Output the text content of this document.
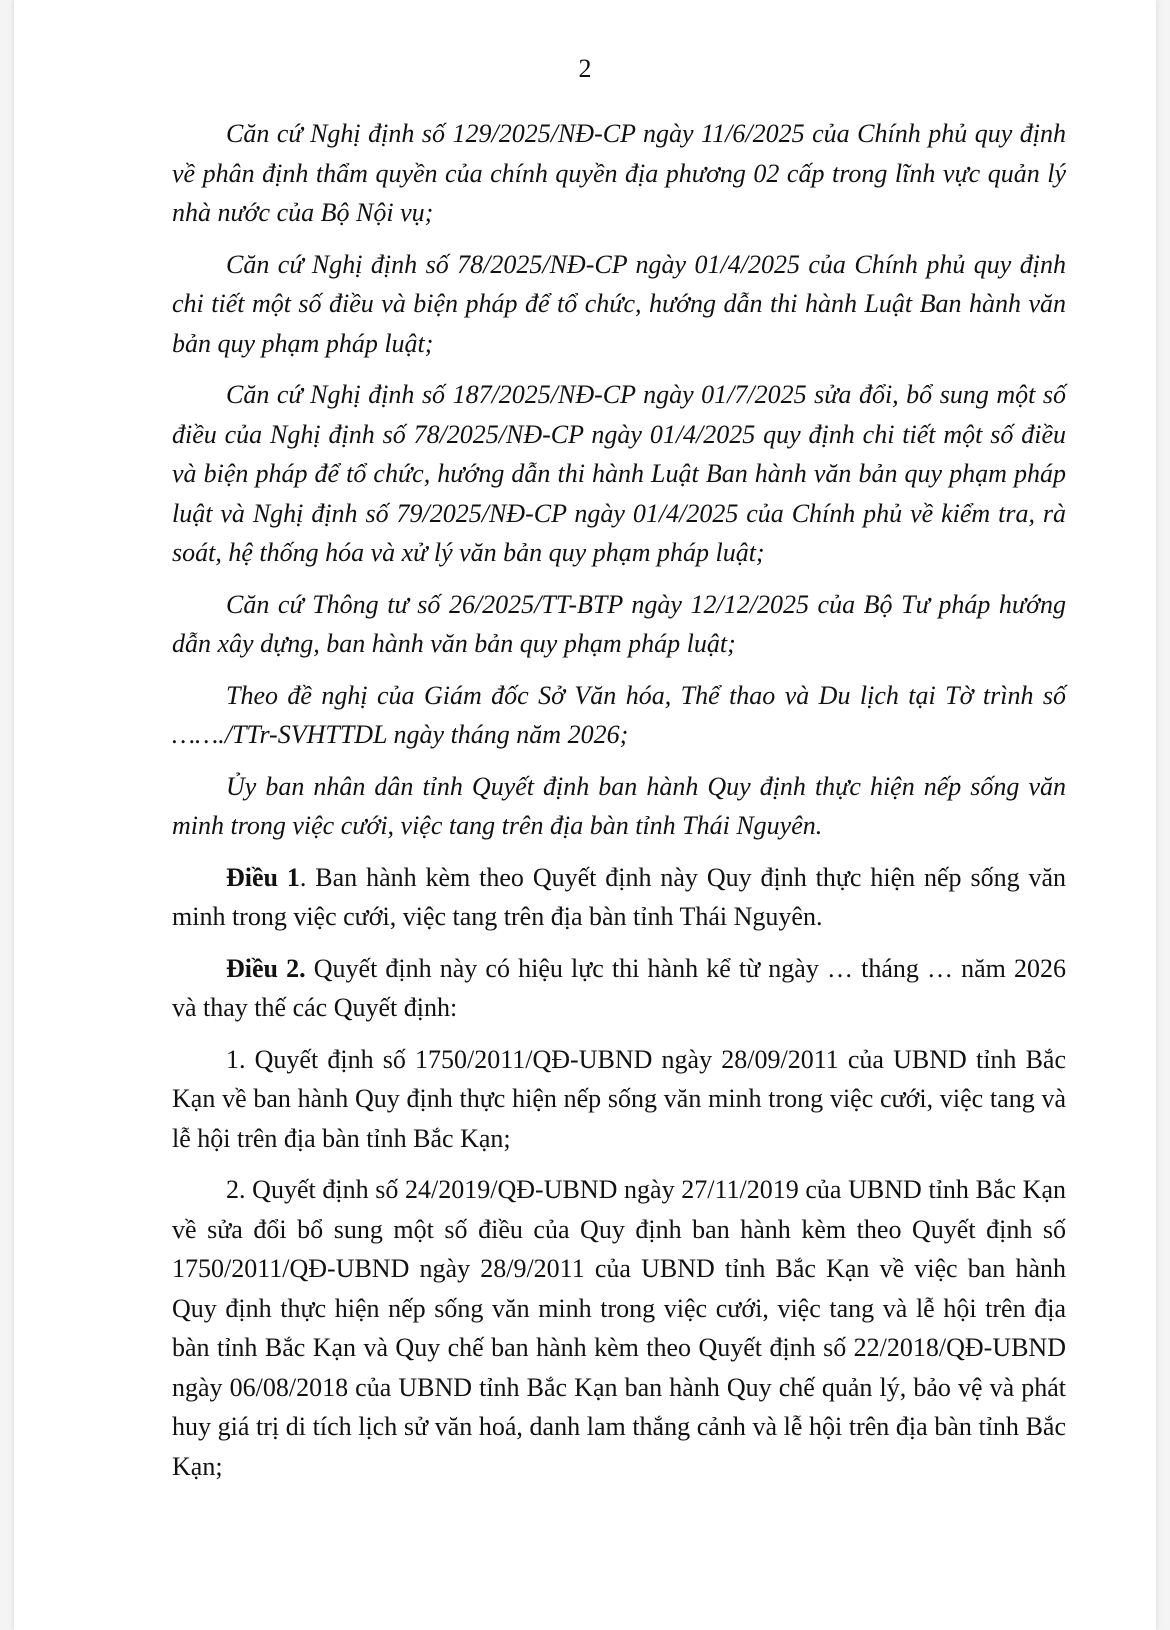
2

Căn cứ Nghị định số 129/2025/NĐ-CP ngày 11/6/2025 của Chính phủ quy định về phân định thẩm quyền của chính quyền địa phương 02 cấp trong lĩnh vực quản lý nhà nước của Bộ Nội vụ;

Căn cứ Nghị định số 78/2025/NĐ-CP ngày 01/4/2025 của Chính phủ quy định chi tiết một số điều và biện pháp để tổ chức, hướng dẫn thi hành Luật Ban hành văn bản quy phạm pháp luật;

Căn cứ Nghị định số 187/2025/NĐ-CP ngày 01/7/2025 sửa đổi, bổ sung một số điều của Nghị định số 78/2025/NĐ-CP ngày 01/4/2025 quy định chi tiết một số điều và biện pháp để tổ chức, hướng dẫn thi hành Luật Ban hành văn bản quy phạm pháp luật và Nghị định số 79/2025/NĐ-CP ngày 01/4/2025 của Chính phủ về kiểm tra, rà soát, hệ thống hóa và xử lý văn bản quy phạm pháp luật;

Căn cứ Thông tư số 26/2025/TT-BTP ngày 12/12/2025 của Bộ Tư pháp hướng dẫn xây dựng, ban hành văn bản quy phạm pháp luật;

Theo đề nghị của Giám đốc Sở Văn hóa, Thể thao và Du lịch tại Tờ trình số ……./TTr-SVHTTDL ngày tháng năm 2026;

Ủy ban nhân dân tỉnh Quyết định ban hành Quy định thực hiện nếp sống văn minh trong việc cưới, việc tang trên địa bàn tỉnh Thái Nguyên.

Điều 1. Ban hành kèm theo Quyết định này Quy định thực hiện nếp sống văn minh trong việc cưới, việc tang trên địa bàn tỉnh Thái Nguyên.

Điều 2. Quyết định này có hiệu lực thi hành kể từ ngày … tháng … năm 2026 và thay thế các Quyết định:

1. Quyết định số 1750/2011/QĐ-UBND ngày 28/09/2011 của UBND tỉnh Bắc Kạn về ban hành Quy định thực hiện nếp sống văn minh trong việc cưới, việc tang và lễ hội trên địa bàn tỉnh Bắc Kạn;

2. Quyết định số 24/2019/QĐ-UBND ngày 27/11/2019 của UBND tỉnh Bắc Kạn về sửa đổi bổ sung một số điều của Quy định ban hành kèm theo Quyết định số 1750/2011/QĐ-UBND ngày 28/9/2011 của UBND tỉnh Bắc Kạn về việc ban hành Quy định thực hiện nếp sống văn minh trong việc cưới, việc tang và lễ hội trên địa bàn tỉnh Bắc Kạn và Quy chế ban hành kèm theo Quyết định số 22/2018/QĐ-UBND ngày 06/08/2018 của UBND tỉnh Bắc Kạn ban hành Quy chế quản lý, bảo vệ và phát huy giá trị di tích lịch sử văn hoá, danh lam thắng cảnh và lễ hội trên địa bàn tỉnh Bắc Kạn;
